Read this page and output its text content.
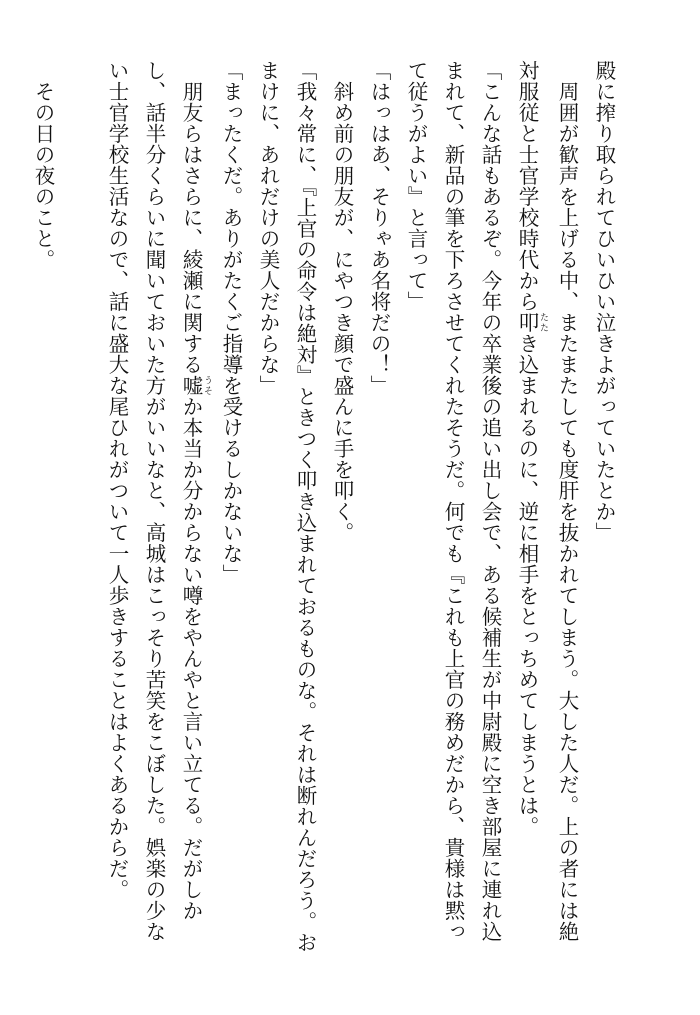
殿に搾り取られてひいひい泣きよがっていたとか」
　周囲が歓声を上げる中、またまたしても度肝を抜かれてしまう。大した人だ。上の者には絶
対服従と士官学校時代から叩 たたき込まれるのに、逆に相手をとっちめてしまうとは。
「こんな話もあるぞ。今年の卒業後の追い出し会で、ある候補生が中尉殿に空き部屋に連れ込
まれて、新品の筆を下ろさせてくれたそうだ。何でも『これも上官の務めだから、貴様は黙っ
て従うがよい』と言って」
「はっはあ、そりゃあ名将だの！」
　斜め前の朋友が、にやつき顔で盛んに手を叩く。
「我々常に、『上官の命令は絶対』ときつく叩き込まれておるものな。それは断れんだろう。お
まけに、あれだけの美人だからな」
「まったくだ。ありがたくご指導を受けるしかないな」
　朋友らはさらに、綾瀬に関する嘘 うそか本当か分からない噂をやんやと言い立てる。だがしか
し、話半分くらいに聞いておいた方がいいなと、高城はこっそり苦笑をこぼした。娯楽の少な
い士官学校生活なので、話に盛大な尾ひれがついて一人歩きすることはよくあるからだ。
　その日の夜のこと。
